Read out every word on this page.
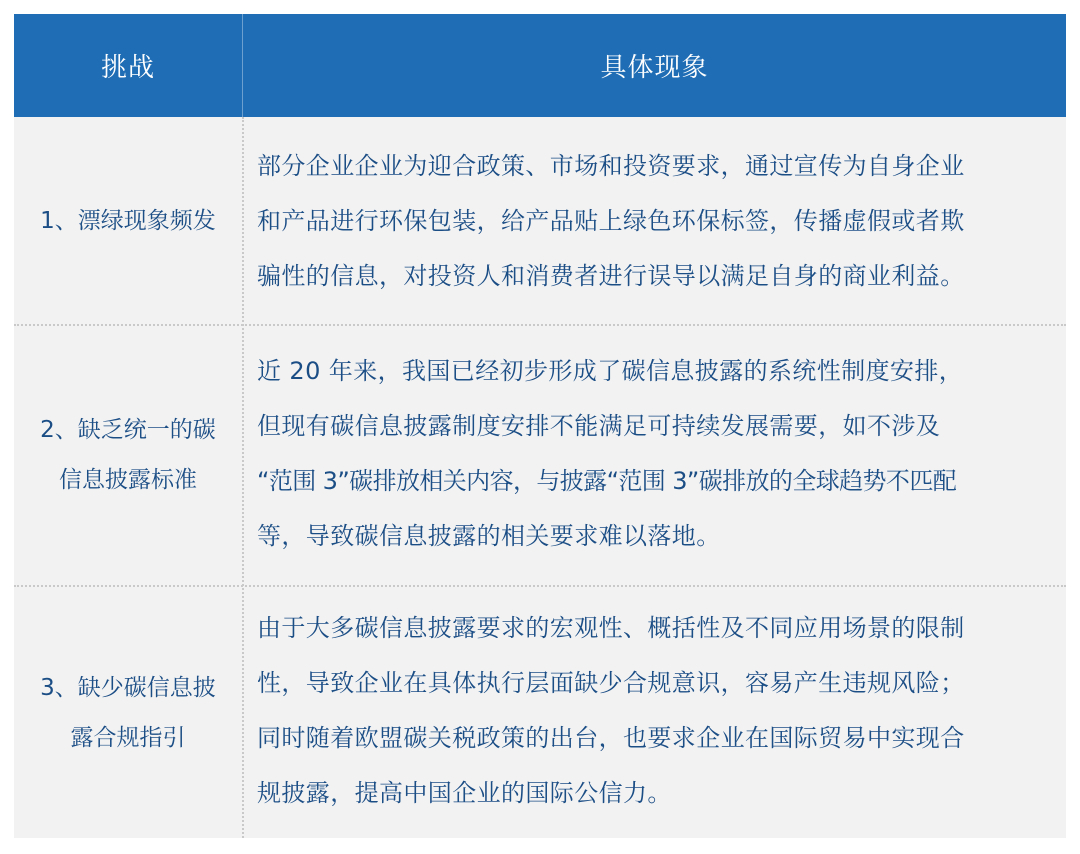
挑战	具体现象
1、漂绿现象频发
部分企业企业为迎合政策、市场和投资要求，通过宣传为自身企业
和产品进行环保包装，给产品贴上绿色环保标签，传播虚假或者欺
骗性的信息，对投资人和消费者进行误导以满足自身的商业利益。
2、缺乏统一的碳
信息披露标准
近 20 年来，我国已经初步形成了碳信息披露的系统性制度安排，
但现有碳信息披露制度安排不能满足可持续发展需要，如不涉及
“范围 3”碳排放相关内容，与披露“范围 3”碳排放的全球趋势不匹配
等，导致碳信息披露的相关要求难以落地。
3、缺少碳信息披
露合规指引
由于大多碳信息披露要求的宏观性、概括性及不同应用场景的限制
性，导致企业在具体执行层面缺少合规意识，容易产生违规风险；
同时随着欧盟碳关税政策的出台，也要求企业在国际贸易中实现合
规披露，提高中国企业的国际公信力。
